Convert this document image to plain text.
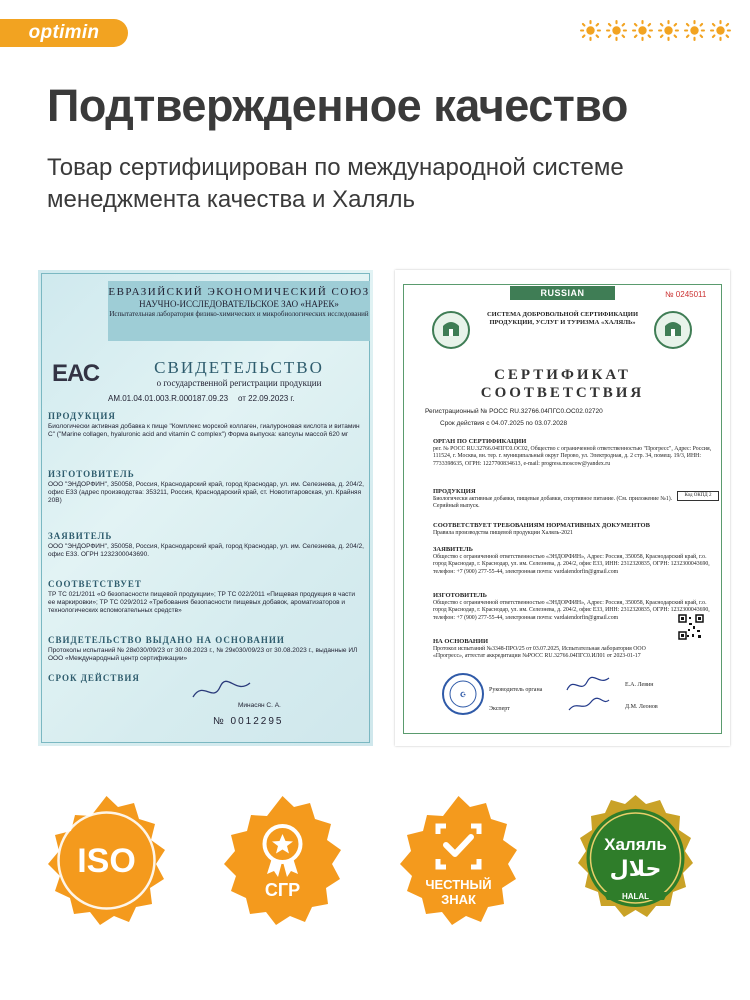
optimin
Подтвержденное качество

Товар сертифицирован по международной системе менеджмента качества и Халяль

ЕВРАЗИЙСКИЙ ЭКОНОМИЧЕСКИЙ СОЮЗ
НАУЧНО-ИССЛЕДОВАТЕЛЬСКОЕ ЗАО «НАРЕК»
Испытательная лаборатория физико-химических и микробиологических исследований
ЕАС	СВИДЕТЕЛЬСТВО
о государственной регистрации продукции
АМ.01.04.01.003.R.000187.09.23 от 22.09.2023 г.
ПРОДУКЦИЯ
Биологически активная добавка к пище "Комплекс морской коллаген, гиалуроновая кислота и витамин С" ("Marine collagen, hyaluronic acid and vitamin C complex") Форма выпуска: капсулы массой 620 мг
ИЗГОТОВИТЕЛЬ
ООО "ЭНДОРФИН", 350058, Россия, Краснодарский край, город Краснодар, ул. им. Селезнева, д. 204/2, офис Е33 (адрес производства: 353211, Россия, Краснодарский край, ст. Новотитаровская, ул. Крайняя 20В)
ЗАЯВИТЕЛЬ
ООО "ЭНДОРФИН", 350058, Россия, Краснодарский край, город Краснодар, ул. им. Селезнева, д. 204/2, офис Е33. ОГРН 1232300043690.
СООТВЕТСТВУЕТ
ТР ТС 021/2011 «О безопасности пищевой продукции»; ТР ТС 022/2011 «Пищевая продукция в части ее маркировки»; ТР ТС 029/2012 «Требования безопасности пищевых добавок, ароматизаторов и технологических вспомогательных средств»
СВИДЕТЕЛЬСТВО ВЫДАНО НА ОСНОВАНИИ
Протоколы испытаний № 28к030/09/23 от 30.08.2023 г., № 29к030/09/23 от 30.08.2023 г., выданные ИЛ ООО «Международный центр сертификации»
СРОК ДЕЙСТВИЯ
Минасян С. А.
№ 0012295
RUSSIAN FEDERATION
№ 0245011
СИСТЕМА ДОБРОВОЛЬНОЙ СЕРТИФИКАЦИИ ПРОДУКЦИИ, УСЛУГ И ТУРИЗМА «ХАЛЯЛЬ»
СЕРТИФИКАТ СООТВЕТСТВИЯ
Регистрационный № РОСС RU.32766.04ПГС0.ОС02.02720
Срок действия с 04.07.2025 по 03.07.2028
ОРГАН ПО СЕРТИФИКАЦИИ
рег. № РОСС RU.32766.04ПГС0.ОС02, Общество с ограниченной ответственностью "Прогресс", Адрес: Россия, 111524, г. Москва, вн. тер. г. муниципальный округ Перово, ул. Электродная, д. 2 стр. 34, помещ. 19/3, ИНН: 7733398635, ОГРН: 1227700834613, e-mail: progress.moscow@yandex.ru
ПРОДУКЦИЯ
Биологически активные добавки, пищевые добавки, спортивное питание. (См. приложение №1). Серийный выпуск.
Код ОКПД 2
СООТВЕТСТВУЕТ ТРЕБОВАНИЯМ НОРМАТИВНЫХ ДОКУМЕНТОВ
Правила производства пищевой продукции Халяль-2021
ЗАЯВИТЕЛЬ
Общество с ограниченной ответственностью «ЭНДОРФИН», Адрес: Россия, 350058, Краснодарский край, г.о. город Краснодар, г. Краснодар, ул. им. Селезнева, д. 204/2, офис Е33, ИНН: 2312320835, ОГРН: 1232300043690, телефон: +7 (900) 277-55-44, электронная почта: vardaiendorfin@gmail.com
ИЗГОТОВИТЕЛЬ
Общество с ограниченной ответственностью «ЭНДОРФИН», Адрес: Россия, 350058, Краснодарский край, г.о. город Краснодар, г. Краснодар, ул. им. Селезнева, д. 204/2, офис Е33, ИНН: 2312320835, ОГРН: 1232300043690, телефон: +7 (900) 277-55-44, электронная почта: vardaiendorfin@gmail.com
НА ОСНОВАНИИ
Протокол испытаний №3348-ПРО/25 от 03.07.2025, Испытательная лаборатория ООО «Прогресс», аттестат аккредитации №РОСС RU.32766.04ПГС0.ИЛ01 от 2023-01-17
☪
Руководитель органа
Е.А. Левин
Эксперт	Д.М. Леонов
ISO
СГР	ЧЕСТНЫЙ
ЗНАК
Халяль
حلال
HALAL
